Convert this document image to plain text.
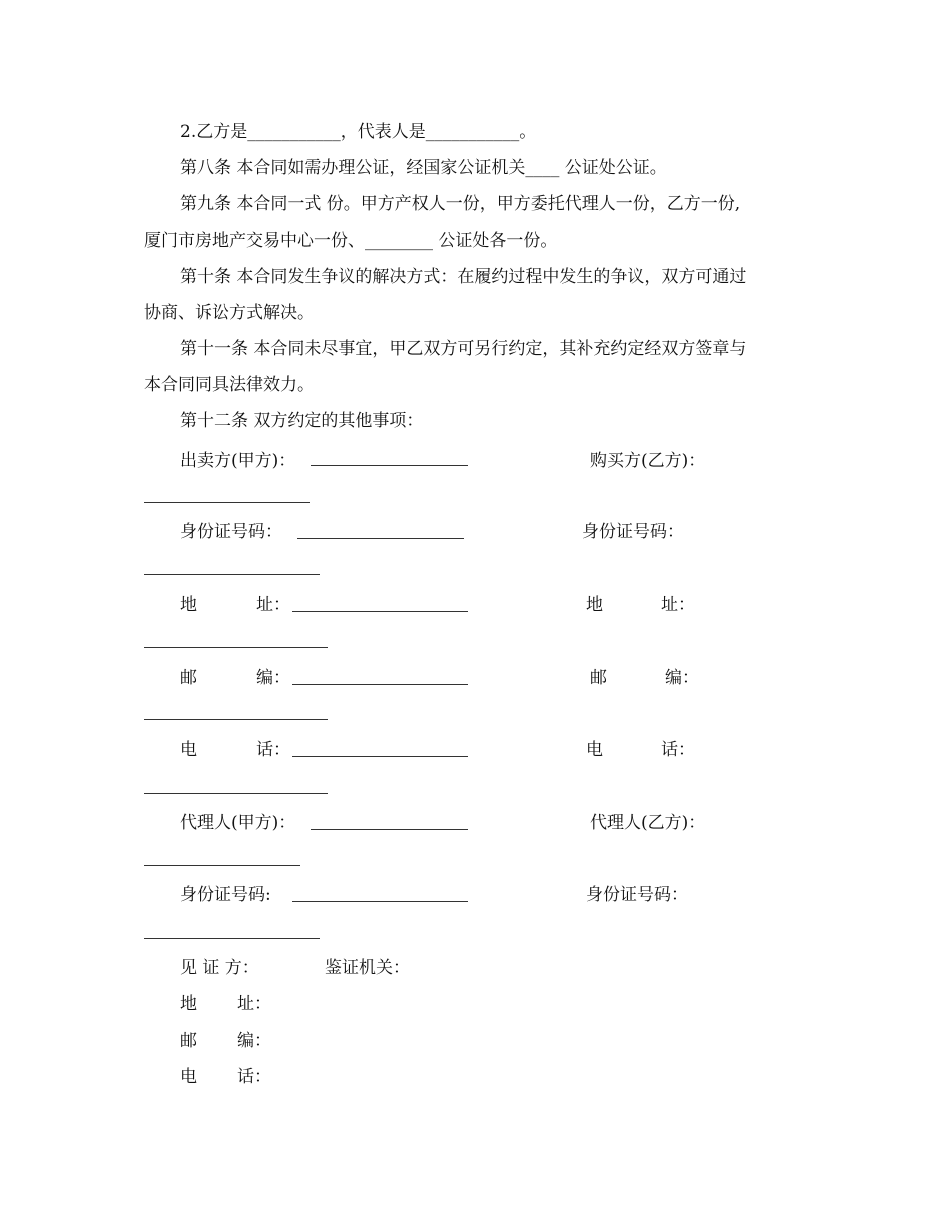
2.乙方是___________，代表人是___________。
第八条 本合同如需办理公证，经国家公证机关____ 公证处公证。
第九条 本合同一式 份。甲方产权人一份，甲方委托代理人一份，乙方一份,
厦门市房地产交易中心一份、________ 公证处各一份。
第十条 本合同发生争议的解决方式：在履约过程中发生的争议，双方可通过
协商、诉讼方式解决。
第十一条 本合同未尽事宜，甲乙双方可另行约定，其补充约定经双方签章与
本合同同具法律效力。
第十二条 双方约定的其他事项：
出卖方(甲方)：	购买方(乙方)：
身份证号码：	身份证号码：
地	址：	地	址：
邮	编：	邮	编：
电	话：	电	话：
代理人(甲方)：	代理人(乙方)：
身份证号码:	身份证号码：
见 证 方：	鉴证机关：
地 址：
邮 编：
电 话：
